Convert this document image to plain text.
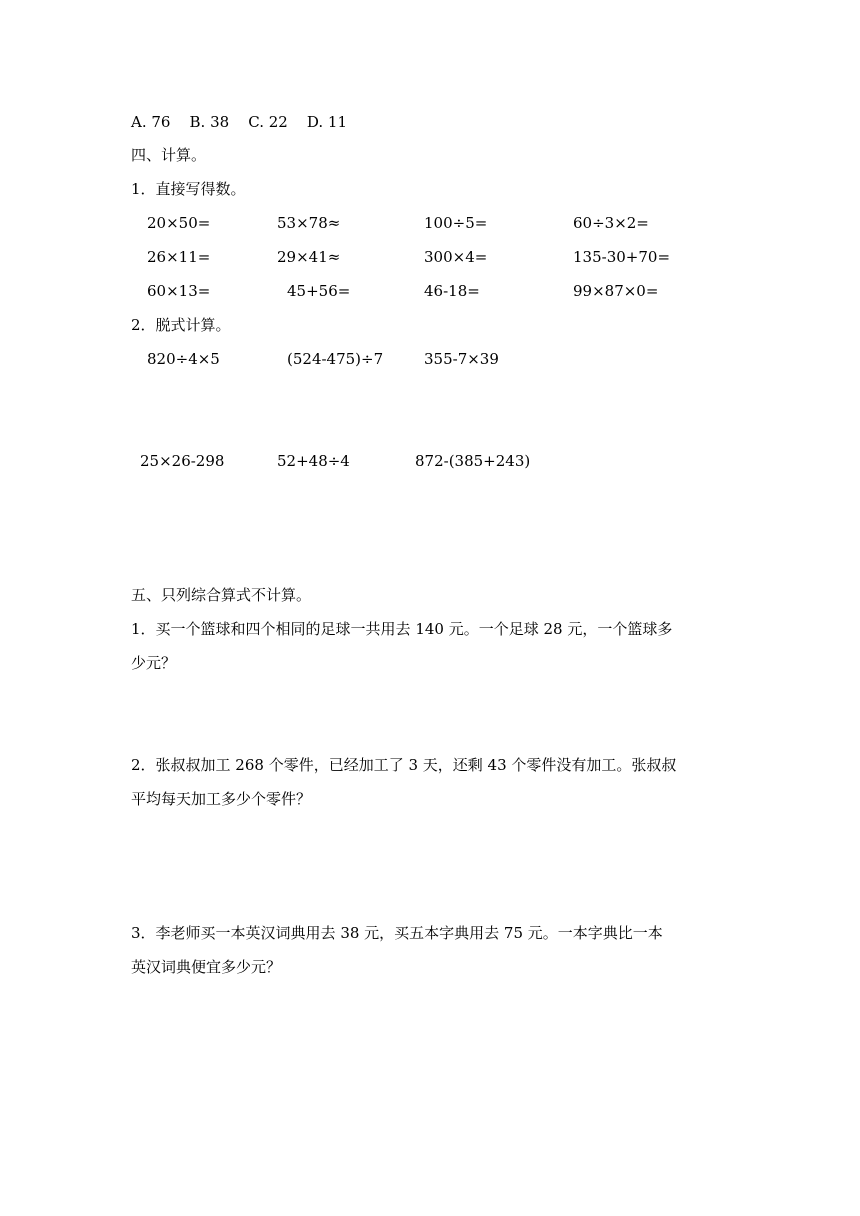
A. 76    B. 38    C. 22    D. 11
四、计算。
1．直接写得数。
20×50=	53×78≈	100÷5=	60÷3×2=
26×11=	29×41≈	300×4=	135-30+70=
60×13=	45+56=	46-18=	99×87×0=
2．脱式计算。
820÷4×5	(524-475)÷7	355-7×39
25×26-298	52+48÷4	872-(385+243)
五、只列综合算式不计算。
1．买一个篮球和四个相同的足球一共用去 140 元。一个足球 28 元，一个篮球多
少元？
2．张叔叔加工 268 个零件，已经加工了 3 天，还剩 43 个零件没有加工。张叔叔
平均每天加工多少个零件？
3．李老师买一本英汉词典用去 38 元，买五本字典用去 75 元。一本字典比一本
英汉词典便宜多少元？
